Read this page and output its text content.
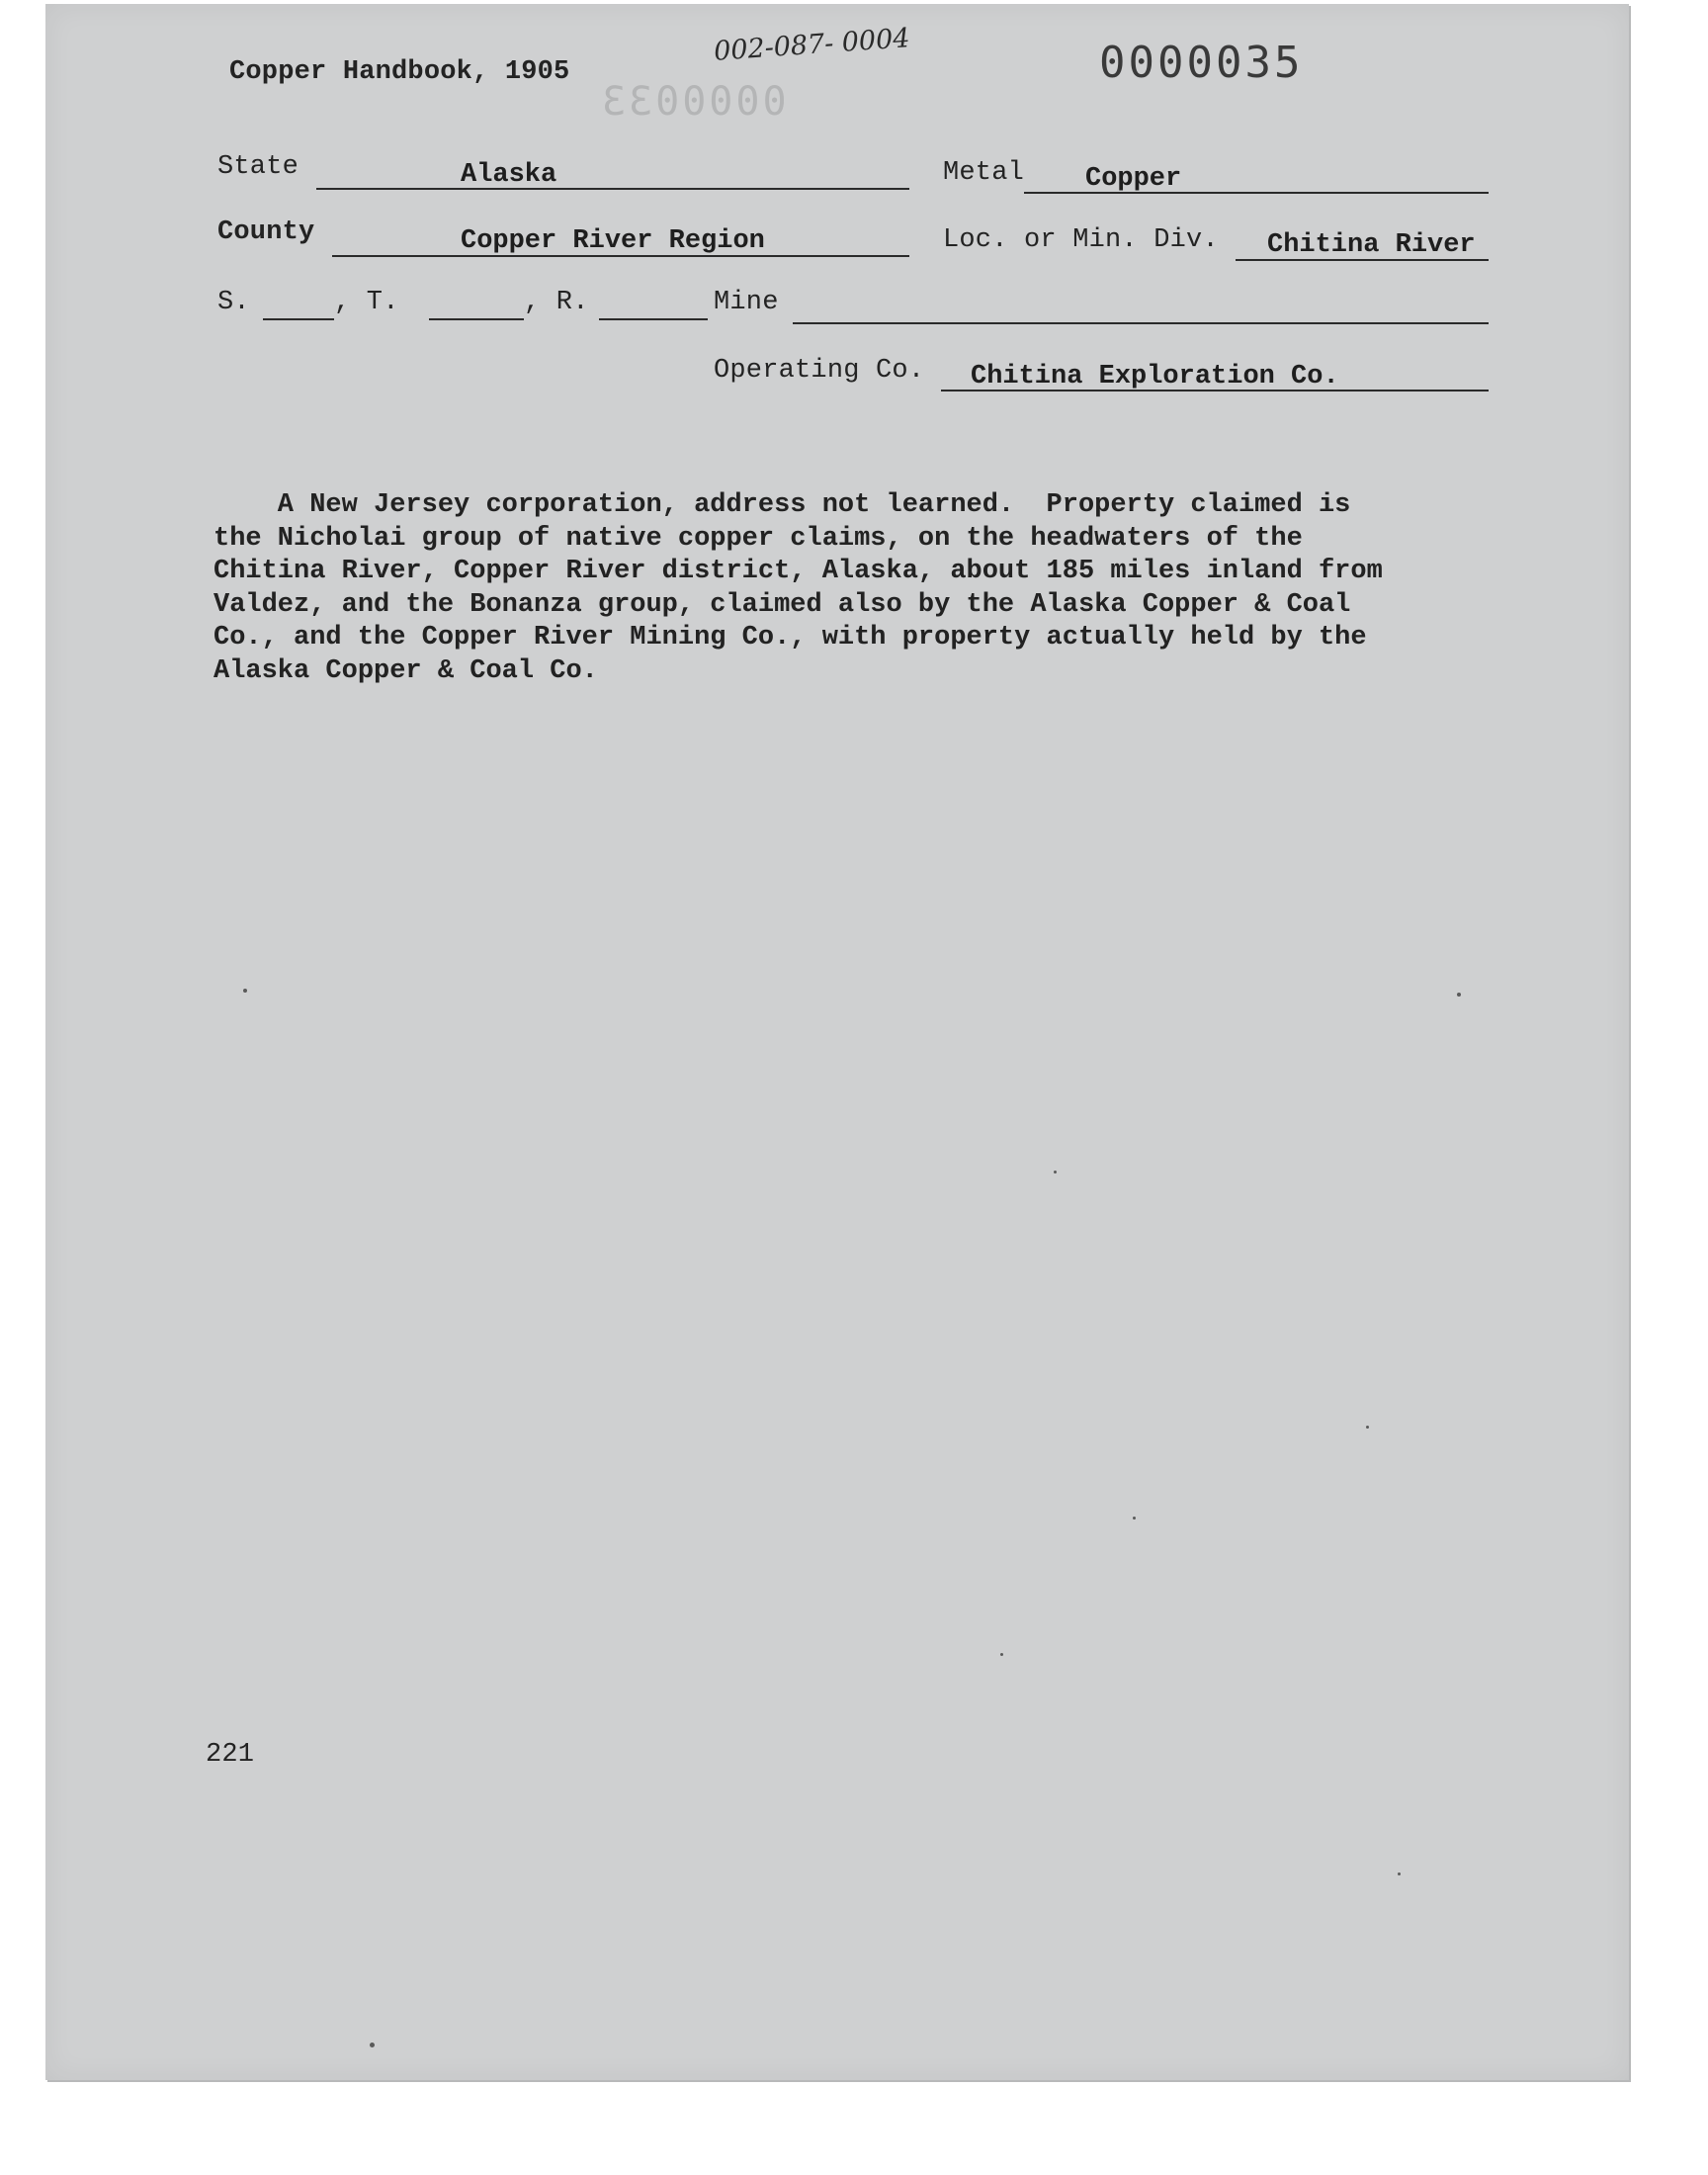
Copper Handbook, 1905
002-087- 0004	0000035
0000033
State	Alaska	Metal Copper
County	Copper River Region	Loc. or Min. Div. Chitina River
S.	, T.	, R.	Mine
Operating Co. Chitina Exploration Co.
A New Jersey corporation, address not learned.  Property claimed is
the Nicholai group of native copper claims, on the headwaters of the
Chitina River, Copper River district, Alaska, about 185 miles inland from
Valdez, and the Bonanza group, claimed also by the Alaska Copper & Coal
Co., and the Copper River Mining Co., with property actually held by the
Alaska Copper & Coal Co.
221
